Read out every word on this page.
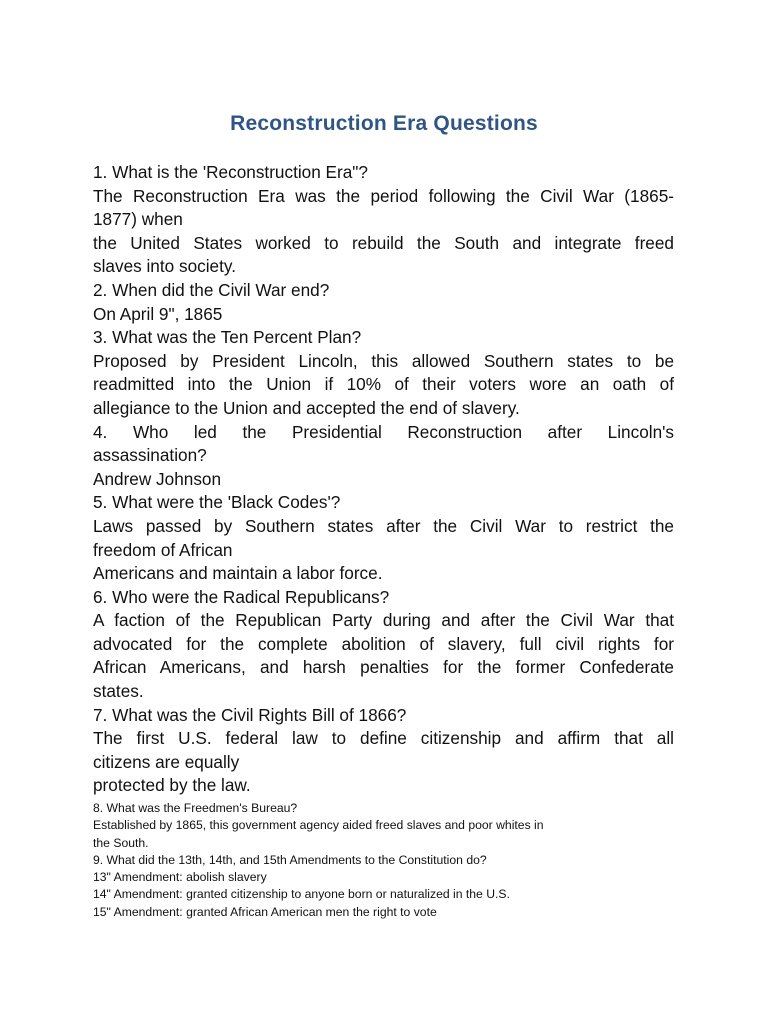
Reconstruction Era Questions
1. What is the 'Reconstruction Era"?
The Reconstruction Era was the period following the Civil War (1865-
1877) when
the United States worked to rebuild the South and integrate freed
slaves into society.
2. When did the Civil War end?
On April 9", 1865
3. What was the Ten Percent Plan?
Proposed by President Lincoln, this allowed Southern states to be
readmitted into the Union if 10% of their voters wore an oath of
allegiance to the Union and accepted the end of slavery.
4. Who led the Presidential Reconstruction after Lincoln's
assassination?
Andrew Johnson
5. What were the 'Black Codes'?
Laws passed by Southern states after the Civil War to restrict the
freedom of African
Americans and maintain a labor force.
6. Who were the Radical Republicans?
A faction of the Republican Party during and after the Civil War that
advocated for the complete abolition of slavery, full civil rights for
African Americans, and harsh penalties for the former Confederate
states.
7. What was the Civil Rights Bill of 1866?
The first U.S. federal law to define citizenship and affirm that all
citizens are equally
protected by the law.
8. What was the Freedmen's Bureau?
Established by 1865, this government agency aided freed slaves and poor whites in
the South.
9. What did the 13th, 14th, and 15th Amendments to the Constitution do?
13" Amendment: abolish slavery
14" Amendment: granted citizenship to anyone born or naturalized in the U.S.
15" Amendment: granted African American men the right to vote
